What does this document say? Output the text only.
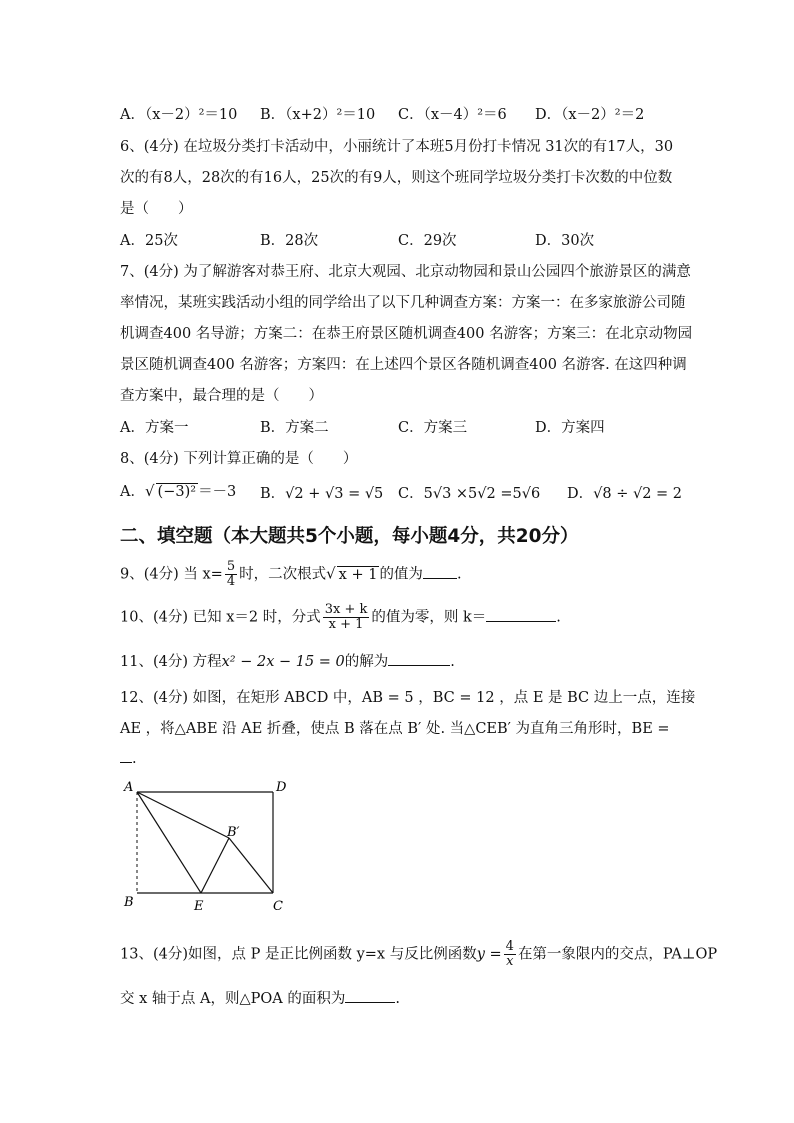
A．（x－2）²＝10 B．（x+2）²＝10 C．（x－4）²＝6 D．（x－2）²＝2
6、(4分) 在垃圾分类打卡活动中，小丽统计了本班5月份打卡情况 31次的有17人，30
次的有8人，28次的有16人，25次的有9人，则这个班同学垃圾分类打卡次数的中位数
是（　　）
A．25次	B．28次	C．29次	D．30次
7、(4分) 为了解游客对恭王府、北京大观园、北京动物园和景山公园四个旅游景区的满意
率情况，某班实践活动小组的同学给出了以下几种调查方案：方案一：在多家旅游公司随
机调查400 名导游；方案二：在恭王府景区随机调查400 名游客；方案三：在北京动物园
景区随机调查400 名游客；方案四：在上述四个景区各随机调查400 名游客. 在这四种调
查方案中，最合理的是（　　）
A．方案一	B．方案二	C．方案三	D．方案四
8、(4分) 下列计算正确的是（　　）
A．√ (−3)² ＝－3 B．√2 + √3 = √5 C．5√3 ×5√2 =5√6 D．√8 ÷ √2 = 2
二、填空题（本大题共5个小题，每小题4分，共20分）
9、(4分) 当 $x= \frac{5}{4}$ 时，二次根式√ x + 1 的值为 .
10、(4分) 已知 x＝2 时，分式 $\frac{3x + k}{x + 1}$ 的值为零，则 k＝	.
11、(4分) 方程x² − 2x − 15 = 0的解为	.
12、(4分) 如图，在矩形 ABCD 中，AB = 5 ，BC = 12 ，点 E 是 BC 边上一点，连接
AE ，将△ABE 沿 AE 折叠，使点 B 落在点 B′ 处. 当△CEB′ 为直角三角形时，BE =
.
A	D
B	C
E
B′
13、(4分)如图，点 P 是正比例函数 y=x 与反比例函数$y = \frac{4}{x}$ 在第一象限内的交点，PA⊥OP
交 x 轴于点 A，则△POA 的面积为	.
